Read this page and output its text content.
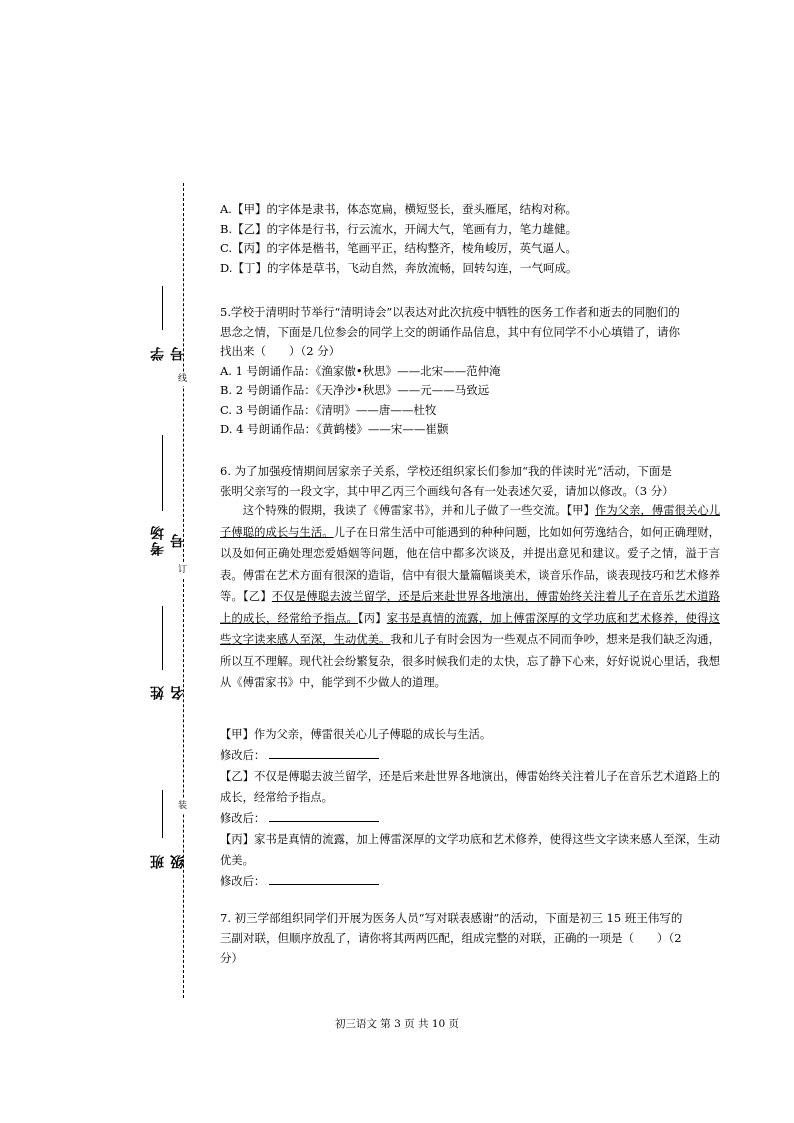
线
订
装
学号
考场号
姓名
班级

A.【甲】的字体是隶书，体态宽扁，横短竖长，蚕头雁尾，结构对称。

B.【乙】的字体是行书，行云流水，开阔大气，笔画有力，笔力雄健。

C.【丙】的字体是楷书，笔画平正，结构整齐，棱角峻厉，英气逼人。

D.【丁】的字体是草书，飞动自然，奔放流畅，回转勾连，一气呵成。

5.学校于清明时节举行“清明诗会”以表达对此次抗疫中牺牲的医务工作者和逝去的同胞们的

思念之情，下面是几位参会的同学上交的朗诵作品信息，其中有位同学不小心填错了，请你

找出来（　　）（2 分）

A. 1 号朗诵作品：《渔家傲•秋思》——北宋——范仲淹

B. 2 号朗诵作品：《天净沙•秋思》——元——马致远

C. 3 号朗诵作品：《清明》——唐——杜牧

D. 4 号朗诵作品：《黄鹤楼》——宋——崔颢

6. 为了加强疫情期间居家亲子关系，学校还组织家长们参加“我的伴读时光”活动，下面是

张明父亲写的一段文字，其中甲乙丙三个画线句各有一处表述欠妥，请加以修改。（3 分）

这个特殊的假期，我读了《傅雷家书》，并和儿子做了一些交流。【甲】作为父亲，傅雷很关心儿子傅聪的成长与生活。儿子在日常生活中可能遇到的种种问题，比如如何劳逸结合，如何正确理财，以及如何正确处理恋爱婚姻等问题，他在信中都多次谈及，并提出意见和建议。爱子之情，溢于言表。傅雷在艺术方面有很深的造诣，信中有很大量篇幅谈美术，谈音乐作品，谈表现技巧和艺术修养等。【乙】不仅是傅聪去波兰留学，还是后来赴世界各地演出，傅雷始终关注着儿子在音乐艺术道路上的成长，经常给予指点。【丙】家书是真情的流露，加上傅雷深厚的文学功底和艺术修养，使得这些文字读来感人至深，生动优美。我和儿子有时会因为一些观点不同而争吵，想来是我们缺乏沟通，所以互不理解。现代社会纷繁复杂，很多时候我们走的太快，忘了静下心来，好好说说心里话，我想从《傅雷家书》中，能学到不少做人的道理。

【甲】作为父亲，傅雷很关心儿子傅聪的成长与生活。

修改后：

【乙】不仅是傅聪去波兰留学，还是后来赴世界各地演出，傅雷始终关注着儿子在音乐艺术道路上的成长，经常给予指点。

修改后：

【丙】家书是真情的流露，加上傅雷深厚的文学功底和艺术修养，使得这些文字读来感人至深，生动优美。

修改后：

7. 初三学部组织同学们开展为医务人员“写对联表感谢”的活动，下面是初三 15 班王伟写的

三副对联，但顺序放乱了，请你将其两两匹配，组成完整的对联，正确的一项是（　　）（2

分）

初三语文 第 3 页 共 10 页
